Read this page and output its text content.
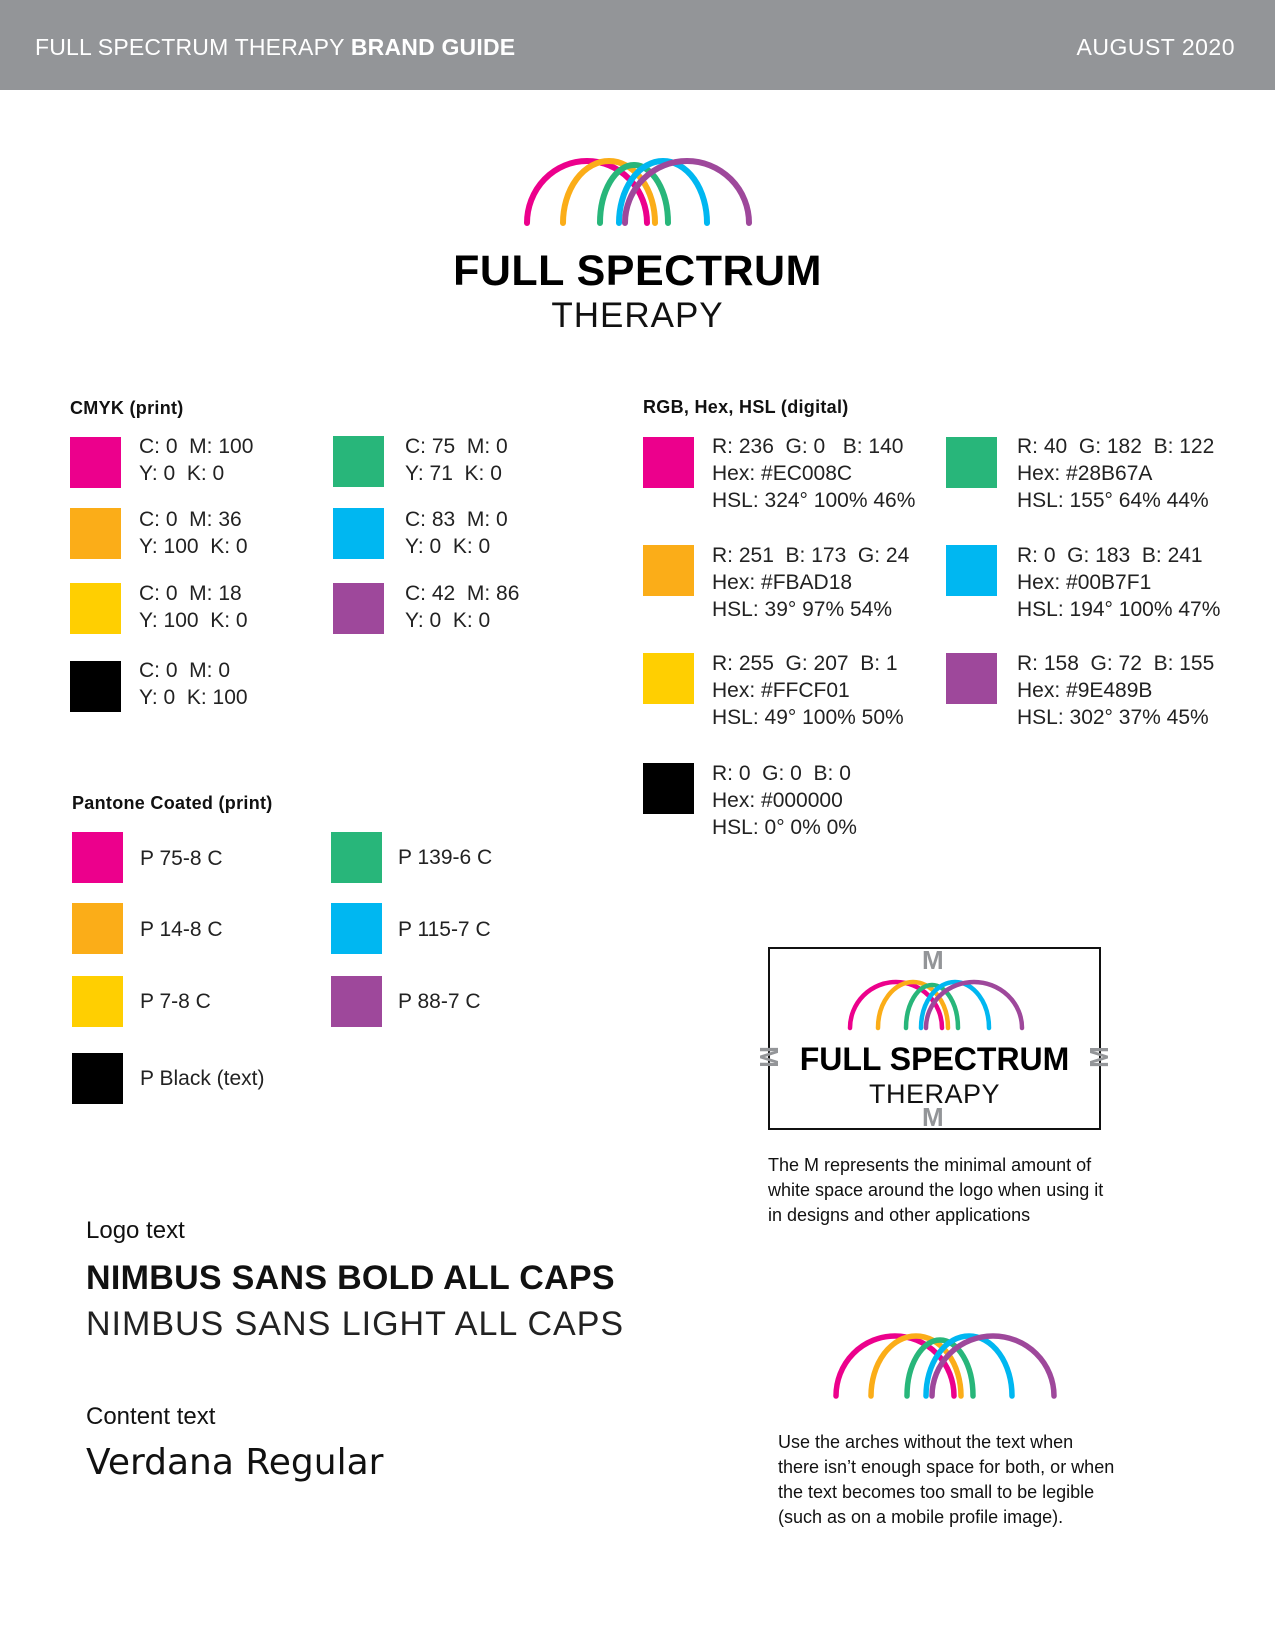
FULL SPECTRUM THERAPY BRAND GUIDE	AUGUST 2020
FULL SPECTRUM
THERAPY
CMYK (print)
C: 0  M: 100
Y: 0  K: 0
C: 0  M: 36
Y: 100  K: 0
C: 0  M: 18
Y: 100  K: 0
C: 0  M: 0
Y: 0  K: 100
C: 75  M: 0
Y: 71  K: 0
C: 83  M: 0
Y: 0  K: 0
C: 42  M: 86
Y: 0  K: 0
RGB, Hex, HSL (digital)
R: 236  G: 0   B: 140
Hex: #EC008C
HSL: 324° 100% 46%
R: 251  B: 173  G: 24
Hex: #FBAD18
HSL: 39° 97% 54%
R: 255  G: 207  B: 1
Hex: #FFCF01
HSL: 49° 100% 50%
R: 0  G: 0  B: 0
Hex: #000000
HSL: 0° 0% 0%
R: 40  G: 182  B: 122
Hex: #28B67A
HSL: 155° 64% 44%
R: 0  G: 183  B: 241
Hex: #00B7F1
HSL: 194° 100% 47%
R: 158  G: 72  B: 155
Hex: #9E489B
HSL: 302° 37% 45%
Pantone Coated (print)
P 75-8 C
P 14-8 C
P 7-8 C
P Black (text)
P 139-6 C
P 115-7 C
P 88-7 C
M
M
M	M
FULL SPECTRUM
THERAPY
The M represents the minimal amount of white space around the logo when using it in designs and other applications
Use the arches without the text when there isn’t enough space for both, or when the text becomes too small to be legible (such as on a mobile profile image).
Logo text
NIMBUS SANS BOLD ALL CAPS
NIMBUS SANS LIGHT ALL CAPS
Content text
Verdana Regular
